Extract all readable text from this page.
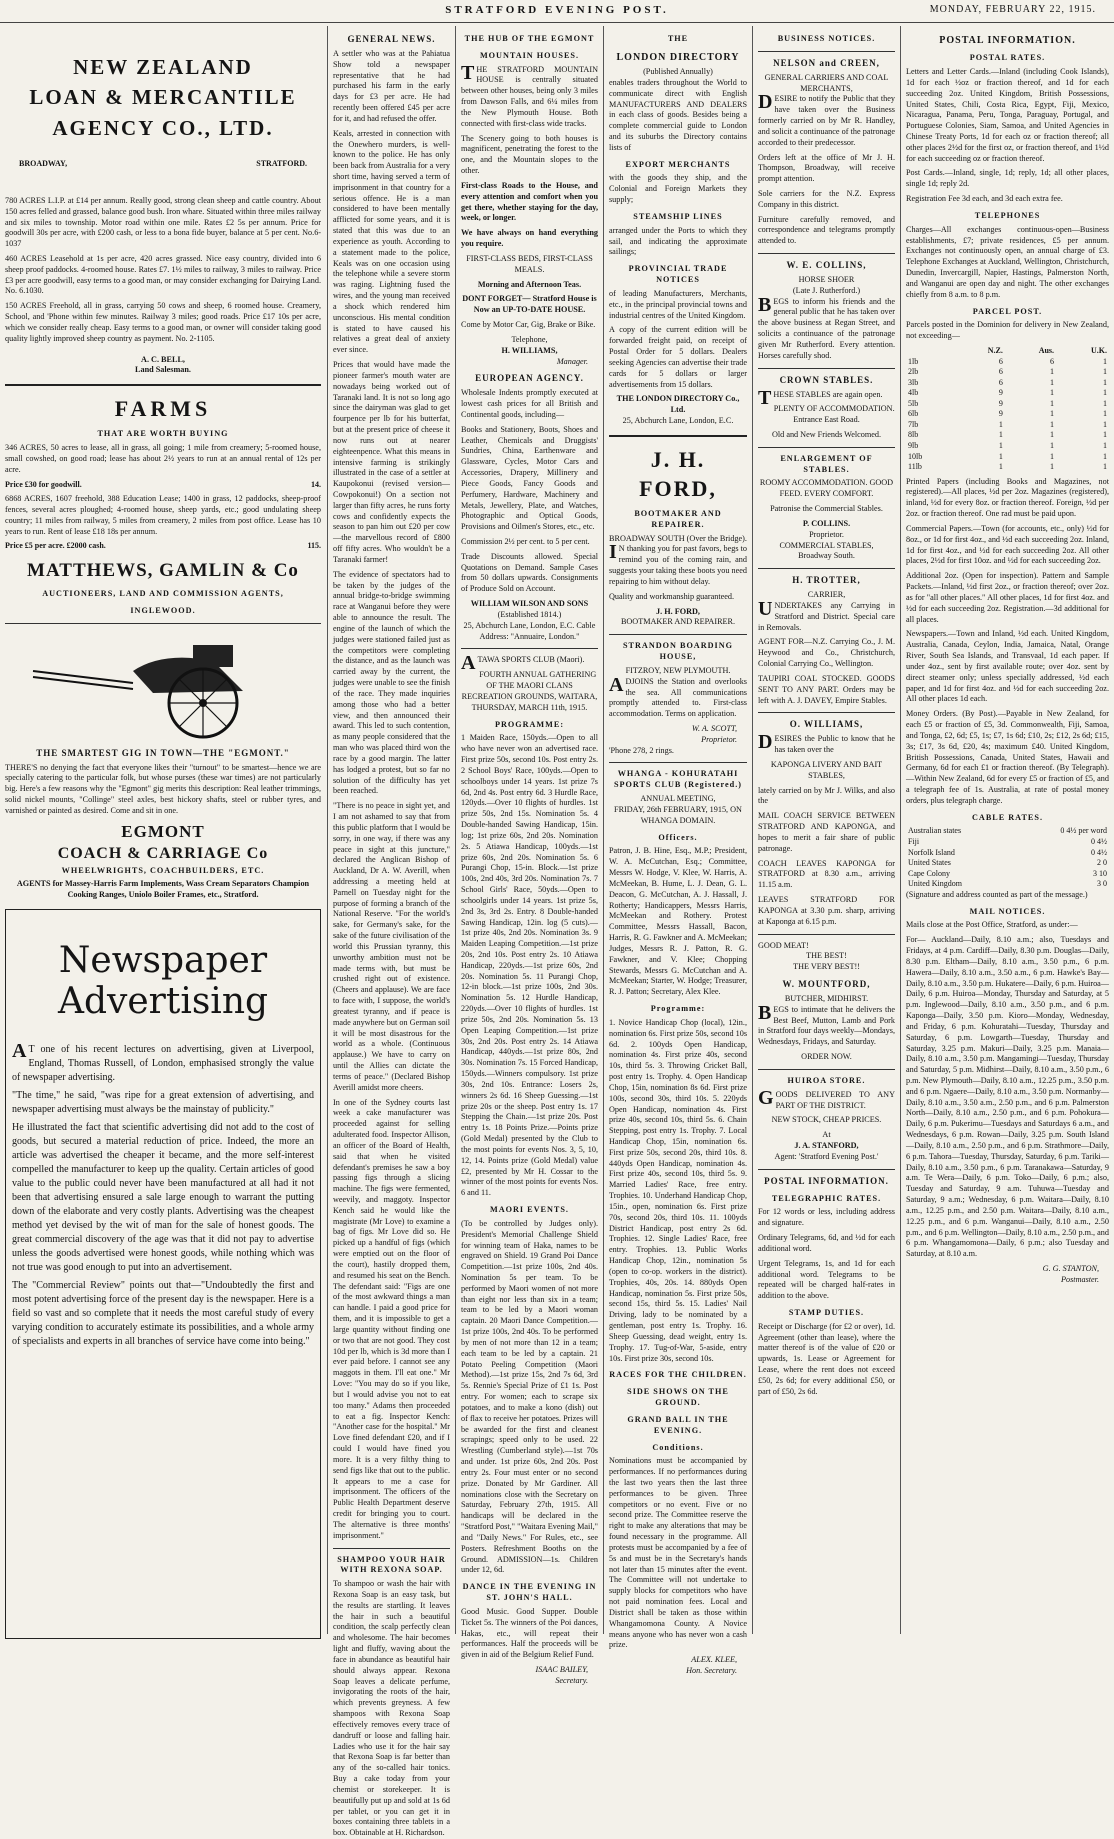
STRATFORD EVENING POST.	MONDAY, FEBRUARY 22, 1915.
NEW ZEALAND
LOAN & MERCANTILE
AGENCY CO., LTD.
BROADWAY,	STRATFORD.

780 ACRES L.I.P. at £14 per annum. Really good, strong clean sheep and cattle country. About 150 acres felled and grassed, balance good bush. Iron whare. Situated within three miles railway and six miles to township. Motor road within one mile. Rates £2 5s per annum. Price for goodwill 30s per acre, with £200 cash, or less to a bona fide buyer, balance at 5 per cent. No.6-1037

460 ACRES Leasehold at 1s per acre, 420 acres grassed. Nice easy country, divided into 6 sheep proof paddocks. 4-roomed house. Rates £7. 1½ miles to railway, 3 miles to railway. Price £3 per acre goodwill, easy terms to a good man, or may consider exchanging for Dairying Land. No. 6.1030.

150 ACRES Freehold, all in grass, carrying 50 cows and sheep, 6 roomed house. Creamery, School, and 'Phone within few minutes. Railway 3 miles; good roads. Price £17 10s per acre, which we consider really cheap. Easy terms to a good man, or owner will consider taking good quality lightly improved sheep country as payment. No. 2-1105.

A. C. BELL,
Land Salesman.
FARMS
THAT ARE WORTH BUYING

346 ACRES, 50 acres to lease, all in grass, all going; 1 mile from creamery; 5-roomed house, small cowshed, on good road; lease has about 2½ years to run at an annual rental of 12s per acre.

Price £30 for goodwill.	14.

6868 ACRES, 1607 freehold, 388 Education Lease; 1400 in grass, 12 paddocks, sheep-proof fences, several acres ploughed; 4-roomed house, sheep yards, etc.; good undulating sheep country; 11 miles from railway, 5 miles from creamery, 2 miles from post office. Lease has 10 years to run. Rent of lease £18 18s per annum.

Price £5 per acre. £2000 cash.	115.
MATTHEWS, GAMLIN & Co
AUCTIONEERS, LAND AND COMMISSION AGENTS,
INGLEWOOD.
THE SMARTEST GIG IN TOWN—THE "EGMONT."

THERE'S no denying the fact that everyone likes their "turnout" to be smartest—hence we are specially catering to the particular folk, but whose purses (these war times) are not particularly big. Here's a few reasons why the "Egmont" gig merits this description: Real leather trimmings, solid nickel mounts, "Collinge" steel axles, best hickory shafts, steel or rubber tyres, and varnished or painted as desired. Come and sit in one.

EGMONT
COACH & CARRIAGE Co
WHEELWRIGHTS, COACHBUILDERS, ETC.

AGENTS for Massey-Harris Farm Implements, Wass Cream Separators Champion Cooking Ranges, Uniolo Boiler Frames, etc., Stratford.

Newspaper
Advertising

AT one of his recent lectures on advertising, given at Liverpool, England, Thomas Russell, of London, emphasised strongly the value of newspaper advertising.

"The time," he said, "was ripe for a great extension of advertising, and newspaper advertising must always be the mainstay of publicity."

He illustrated the fact that scientific advertising did not add to the cost of goods, but secured a material reduction of price. Indeed, the more an article was advertised the cheaper it became, and the more self-interest compelled the manufacturer to keep up the quality. Certain articles of good value to the public could never have been manufactured at all had it not been that advertising ensured a sale large enough to warrant the putting down of the elaborate and very costly plants. Advertising was the cheapest method yet devised by the wit of man for the sale of honest goods. The great commercial discovery of the age was that it did not pay to advertise unless the goods advertised were honest goods, while nothing which was not true was good enough to put into an advertisement.

The "Commercial Review" points out that—"Undoubtedly the first and most potent advertising force of the present day is the newspaper. Here is a field so vast and so complete that it needs the most careful study of every varying condition to accurately estimate its possibilities, and a whole army of specialists and experts in all branches of service have come into being."

GENERAL NEWS.

A settler who was at the Pahiatua Show told a newspaper representative that he had purchased his farm in the early days for £3 per acre. He had recently been offered £45 per acre for it, and had refused the offer.

Keals, arrested in connection with the Onewhero murders, is well-known to the police. He has only been back from Australia for a very short time, having served a term of imprisonment in that country for a serious offence. He is a man considered to have been mentally afflicted for some years, and it is stated that this was due to an experience as youth. According to a statement made to the police, Keals was on one occasion using the telephone while a severe storm was raging. Lightning fused the wires, and the young man received a shock which rendered him unconscious. His mental condition is stated to have caused his relatives a great deal of anxiety ever since.

Prices that would have made the pioneer farmer's mouth water are nowadays being worked out of Taranaki land. It is not so long ago since the dairyman was glad to get fourpence per lb for his butterfat, but at the present price of cheese it now runs out at nearer eighteenpence. What this means in intensive farming is strikingly illustrated in the case of a settler at Kaupokonui (revised version—Cowpokonui!) On a section not larger than fifty acres, he runs forty cows and confidently expects the season to pan him out £20 per cow—the marvellous record of £800 off fifty acres. Who wouldn't be a Taranaki farmer!

The evidence of spectators had to be taken by the judges of the annual bridge-to-bridge swimming race at Wanganui before they were able to announce the result. The engine of the launch of which the judges were stationed failed just as the competitors were completing the distance, and as the launch was carried away by the current, the judges were unable to see the finish of the race. They made inquiries among those who had a better view, and then announced their award. This led to such contention, as many people considered that the man who was placed third won the race by a good margin. The latter has lodged a protest, but so far no solution of the difficulty has yet been reached.

"There is no peace in sight yet, and I am not ashamed to say that from this public platform that I would be sorry, in one way, if there was any peace in sight at this juncture," declared the Anglican Bishop of Auckland, Dr A. W. Averill, when addressing a meeting held at Parnell on Tuesday night for the purpose of forming a branch of the National Reserve. "For the world's sake, for Germany's sake, for the sake of the future civilisation of the world this Prussian tyranny, this unworthy ambition must not be made terms with, but must be crushed right out of existence. (Cheers and applause). We are face to face with, I suppose, the world's greatest tyranny, and if peace is made anywhere but on German soil it will be most disastrous for the world as a whole. (Continuous applause.) We have to carry on until the Allies can dictate the terms of peace." (Declared Bishop Averill amidst more cheers.

In one of the Sydney courts last week a cake manufacturer was proceeded against for selling adulterated food. Inspector Allison, an officer of the Board of Health, said that when he visited defendant's premises he saw a boy passing figs through a slicing machine. The figs were fermented, weevily, and maggoty. Inspector Kench said he would like the magistrate (Mr Love) to examine a bag of figs. Mr Love did so. He picked up a handful of figs (which were emptied out on the floor of the court), hastily dropped them, and resumed his seat on the Bench. The defendant said: "Figs are one of the most awkward things a man can handle. I paid a good price for them, and it is impossible to get a large quantity without finding one or two that are not good. They cost 10d per lb, which is 3d more than I ever paid before. I cannot see any maggots in them. I'll eat one." Mr Love: "You may do so if you like, but I would advise you not to eat too many." Adams then proceeded to eat a fig. Inspector Kench: "Another case for the hospital." Mr Love fined defendant £20, and if I could I would have fined you more. It is a very filthy thing to send figs like that out to the public. It appears to me a case for imprisonment. The officers of the Public Health Department deserve credit for bringing you to court. The alternative is three months' imprisonment."

SHAMPOO YOUR HAIR WITH REXONA SOAP.

To shampoo or wash the hair with Rexona Soap is an easy task, but the results are startling. It leaves the hair in such a beautiful condition, the scalp perfectly clean and wholesome. The hair becomes light and fluffy, waving about the face in abundance as beautiful hair should always appear. Rexona Soap leaves a delicate perfume, invigorating the roots of the hair, which prevents greyness. A few shampoos with Rexona Soap effectively removes every trace of dandruff or loose and falling hair. Ladies who use it for the hair say that Rexona Soap is far better than any of the so-called hair tonics. Buy a cake today from your chemist or storekeeper. It is beautifully put up and sold at 1s 6d per tablet, or you can get it in boxes containing three tablets in a box. Obtainable at H. Richardson.

THE HUB OF THE EGMONT
MOUNTAIN HOUSES.

THE STRATFORD MOUNTAIN HOUSE is centrally situated between other houses, being only 3 miles from Dawson Falls, and 6¼ miles from the New Plymouth House. Both connected with first-class wide tracks.

The Scenery going to both houses is magnificent, penetrating the forest to the one, and the Mountain slopes to the other.

First-class Roads to the House, and every attention and comfort when you get there, whether staying for the day, week, or longer.

We have always on hand everything you require.

FIRST-CLASS BEDS, FIRST-CLASS MEALS.

Morning and Afternoon Teas.

DONT FORGET— Stratford House is Now an UP-TO-DATE HOUSE.

Come by Motor Car, Gig, Brake or Bike.

Telephone,
H. WILLIAMS,
Manager.
EUROPEAN AGENCY.

Wholesale Indents promptly executed at lowest cash prices for all British and Continental goods, including—

Books and Stationery, Boots, Shoes and Leather, Chemicals and Druggists' Sundries, China, Earthenware and Glassware, Cycles, Motor Cars and Accessories, Drapery, Millinery and Piece Goods, Fancy Goods and Perfumery, Hardware, Machinery and Metals, Jewellery, Plate, and Watches, Photographic and Optical Goods, Provisions and Oilmen's Stores, etc., etc.

Commission 2½ per cent. to 5 per cent.

Trade Discounts allowed. Special Quotations on Demand. Sample Cases from 50 dollars upwards. Consignments of Produce Sold on Account.

WILLIAM WILSON AND SONS
(Established 1814.)

25, Abchurch Lane, London, E.C. Cable Address: "Annuaire, London."

ATAWA SPORTS CLUB (Maori).

FOURTH ANNUAL GATHERING OF THE MAORI CLANS RECREATION GROUNDS, WAITARA, THURSDAY, MARCH 11th, 1915.

PROGRAMME:

1 Maiden Race, 150yds.—Open to all who have never won an advertised race. First prize 50s, second 10s. Post entry 2s. 2 School Boys' Race, 100yds.—Open to schoolboys under 14 years. 1st prize 7s 6d, 2nd 4s. Post entry 6d. 3 Hurdle Race, 120yds.—Over 10 flights of hurdles. 1st prize 50s, 2nd 15s. Nomination 5s. 4 Double-handed Sawing Handicap, 15in. log; 1st prize 60s, 2nd 20s. Nomination 2s. 5 Atiawa Handicap, 100yds.—1st prize 60s, 2nd 20s. Nomination 5s. 6 Purangi Chop, 15-in. Block.—1st prize 100s, 2nd 40s, 3rd 20s. Nomination 7s. 7 School Girls' Race, 50yds.—Open to schoolgirls under 14 years. 1st prize 5s, 2nd 3s, 3rd 2s. Entry. 8 Double-handed Sawing Handicap, 12in. log (5 cuts).—1st prize 40s, 2nd 20s. Nomination 3s. 9 Maiden Leaping Competition.—1st prize 20s, 2nd 10s. Post entry 2s. 10 Atiawa Handicap, 220yds.—1st prize 60s, 2nd 20s. Nomination 5s. 11 Purangi Chop, 12-in block.—1st prize 100s, 2nd 30s. Nomination 5s. 12 Hurdle Handicap, 220yds.—Over 10 flights of hurdles. 1st prize 50s, 2nd 20s. Nomination 5s. 13 Open Leaping Competition.—1st prize 30s, 2nd 20s. Post entry 2s. 14 Atiawa Handicap, 440yds.—1st prize 80s, 2nd 30s. Nomination 7s. 15 Forced Handicap, 150yds.—Winners compulsory. 1st prize 30s, 2nd 10s. Entrance: Losers 2s, winners 2s 6d. 16 Sheep Guessing.—1st prize 20s or the sheep. Post entry 1s. 17 Stepping the Chain.—1st prize 20s. Post entry 1s. 18 Points Prize.—Points prize (Gold Medal) presented by the Club to the most points for events Nos. 3, 5, 10, 12, 14. Points prize (Gold Medal) value £2, presented by Mr H. Cossar to the winner of the most points for events Nos. 6 and 11.

MAORI EVENTS.

(To be controlled by Judges only). President's Memorial Challenge Shield for winning team of Haka, names to be engraved on Shield. 19 Grand Poi Dance Competition.—1st prize 100s, 2nd 40s. Nomination 5s per team. To be performed by Maori women of not more than eight nor less than six in a team; team to be led by a Maori woman captain. 20 Maori Dance Competition.—1st prize 100s, 2nd 40s. To be performed by men of not more than 12 in a team; each team to be led by a captain. 21 Potato Peeling Competition (Maori Method).—1st prize 15s, 2nd 7s 6d, 3rd 5s. Rennie's Special Prize of £1 1s. Post entry. For women; each to scrape six potatoes, and to make a kono (dish) out of flax to receive her potatoes. Prizes will be awarded for the first and cleanest scrapings; speed only to be used. 22 Wrestling (Cumberland style).—1st 70s and under. 1st prize 60s, 2nd 20s. Post entry 2s. Four must enter or no second prize. Donated by Mr Gardiner. All nominations close with the Secretary on Saturday, February 27th, 1915. All handicaps will be declared in the "Stratford Post," "Waitara Evening Mail," and "Daily News." For Rules, etc., see Posters. Refreshment Booths on the Ground. ADMISSION—1s. Children under 12, 6d.

DANCE IN THE EVENING IN ST. JOHN'S HALL.

Good Music. Good Supper. Double Ticket 5s. The winners of the Poi dances, Hakas, etc., will repeat their performances. Half the proceeds will be given in aid of the Belgium Relief Fund.

ISAAC BAILEY,
Secretary.
THE
LONDON DIRECTORY
(Published Annually)

enables traders throughout the World to communicate direct with English MANUFACTURERS AND DEALERS in each class of goods. Besides being a complete commercial guide to London and its suburbs the Directory contains lists of

EXPORT MERCHANTS

with the goods they ship, and the Colonial and Foreign Markets they supply;

STEAMSHIP LINES

arranged under the Ports to which they sail, and indicating the approximate sailings;

PROVINCIAL TRADE NOTICES

of leading Manufacturers, Merchants, etc., in the principal provincial towns and industrial centres of the United Kingdom.

A copy of the current edition will be forwarded freight paid, on receipt of Postal Order for 5 dollars. Dealers seeking Agencies can advertise their trade cards for 5 dollars or larger advertisements from 15 dollars.

THE LONDON DIRECTORY Co., Ltd.
25, Abchurch Lane, London, E.C.
J. H. FORD,
BOOTMAKER AND REPAIRER.
BROADWAY SOUTH (Over the Bridge).

IN thanking you for past favors, begs to remind you of the coming rain, and suggests your taking these boots you need repairing to him without delay.

Quality and workmanship guaranteed.

J. H. FORD,
BOOTMAKER AND REPAIRER.
STRANDON BOARDING HOUSE,
FITZROY, NEW PLYMOUTH.

ADJOINS the Station and overlooks the sea. All communications promptly attended to. First-class accommodation. Terms on application.

W. A. SCOTT,
Proprietor.
'Phone 278, 2 rings.
WHANGA - KOHURATAHI SPORTS CLUB (Registered.)
ANNUAL MEETING,
FRIDAY, 26th FEBRUARY, 1915, ON WHANGA DOMAIN.
Officers.

Patron, J. B. Hine, Esq., M.P.; President, W. A. McCutchan, Esq.; Committee, Messrs W. Hodge, V. Klee, W. Harris, A. McMeekan, B. Hume, L. J. Dean, G. L. Deacon, G. McCutchan, A. J. Hassall, J. Rotherty; Handicappers, Messrs Harris, McMeekan and Rothery. Protest Committee, Messrs Hassall, Bacon, Harris, R. G. Fawkner and A. McMeekan; Judges, Messrs R. J. Patton, R. G. Fawkner, and V. Klee; Chopping Stewards, Messrs G. McCutchan and A. McMeekan; Starter, W. Hodge; Treasurer, R. J. Patton; Secretary, Alex Klee.

Programme:

1. Novice Handicap Chop (local), 12in., nomination 6s. First prize 50s, second 10s 6d. 2. 100yds Open Handicap, nomination 4s. First prize 40s, second 10s, third 5s. 3. Throwing Cricket Ball, post entry 1s. Trophy. 4. Open Handicap Chop, 15in, nomination 8s 6d. First prize 100s, second 30s, third 10s. 5. 220yds Open Handicap, nomination 4s. First prize 40s, second 10s, third 5s. 6. Chain Stepping, post entry 1s. Trophy. 7. Local Handicap Chop, 15in, nomination 6s. First prize 50s, second 20s, third 10s. 8. 440yds Open Handicap, nomination 4s. First prize 40s, second 10s, third 5s. 9. Married Ladies' Race, free entry. Trophies. 10. Underhand Handicap Chop, 15in., open, nomination 6s. First prize 70s, second 20s, third 10s. 11. 100yds District Handicap, post entry 2s 6d. Trophies. 12. Single Ladies' Race, free entry. Trophies. 13. Public Works Handicap Chop, 12in., nomination 5s (open to co-op. workers in the district). Trophies, 40s, 20s. 14. 880yds Open Handicap, nomination 5s. First prize 50s, second 15s, third 5s. 15. Ladies' Nail Driving, lady to be nominated by a gentleman, post entry 1s. Trophy. 16. Sheep Guessing, dead weight, entry 1s. Trophy. 17. Tug-of-War, 5-aside, entry 10s. First prize 30s, second 10s.

RACES FOR THE CHILDREN.
SIDE SHOWS ON THE GROUND.
GRAND BALL IN THE EVENING.
Conditions.

Nominations must be accompanied by performances. If no performances during the last two years then the last three performances to be given. Three competitors or no event. Five or no second prize. The Committee reserve the right to make any alterations that may be found necessary in the programme. All protests must be accompanied by a fee of 5s and must be in the Secretary's hands not later than 15 minutes after the event. The Committee will not undertake to supply blocks for competitors who have not paid nomination fees. Local and District shall be taken as those within Whangamomona County. A Novice means anyone who has never won a cash prize.

ALEX. KLEE,
Hon. Secretary.
BUSINESS NOTICES.
NELSON and CREEN,
GENERAL CARRIERS AND COAL MERCHANTS,

DESIRE to notify the Public that they have taken over the Business formerly carried on by Mr R. Handley, and solicit a continuance of the patronage accorded to their predecessor.

Orders left at the office of Mr J. H. Thompson, Broadway, will receive prompt attention.

Sole carriers for the N.Z. Express Company in this district.

Furniture carefully removed, and correspondence and telegrams promptly attended to.

W. E. COLLINS,
HORSE SHOER
(Late J. Rutherford.)

BEGS to inform his friends and the general public that he has taken over the above business at Regan Street, and solicits a continuance of the patronage given Mr Rutherford. Every attention. Horses carefully shod.

CROWN STABLES.

THESE STABLES are again open.

PLENTY OF ACCOMMODATION. Entrance East Road.

Old and New Friends Welcomed.

ENLARGEMENT OF STABLES.

ROOMY ACCOMMODATION. GOOD FEED. EVERY COMFORT.

Patronise the Commercial Stables.

P. COLLINS.
Proprietor.
COMMERCIAL STABLES,
Broadway South.
H. TROTTER,
CARRIER,

UNDERTAKES any Carrying in Stratford and District. Special care in Removals.

AGENT FOR—N.Z. Carrying Co., J. M. Heywood and Co., Christchurch, Colonial Carrying Co., Wellington.

TAUPIRI COAL STOCKED. GOODS SENT TO ANY PART. Orders may be left with A. J. DAVEY, Empire Stables.

O. WILLIAMS,

DESIRES the Public to know that he has taken over the

KAPONGA LIVERY AND BAIT STABLES,

lately carried on by Mr J. Wilks, and also the

MAIL COACH SERVICE BETWEEN STRATFORD AND KAPONGA, and hopes to merit a fair share of public patronage.

COACH LEAVES KAPONGA for STRATFORD at 8.30 a.m., arriving 11.15 a.m.

LEAVES STRATFORD FOR KAPONGA at 3.30 p.m. sharp, arriving at Kaponga at 6.15 p.m.

GOOD MEAT!
THE BEST!
THE VERY BEST!!
W. MOUNTFORD,
BUTCHER, MIDHIRST.

BEGS to intimate that he delivers the Best Beef, Mutton, Lamb and Pork in Stratford four days weekly—Mondays, Wednesdays, Fridays, and Saturday.

ORDER NOW.
HUIROA STORE.

GOODS DELIVERED TO ANY PART OF THE DISTRICT.

NEW STOCK, CHEAP PRICES.

At
J. A. STANFORD,
Agent: 'Stratford Evening Post.'
POSTAL INFORMATION.
TELEGRAPHIC RATES.

For 12 words or less, including address and signature.

Ordinary Telegrams, 6d, and ½d for each additional word.

Urgent Telegrams, 1s, and 1d for each additional word. Telegrams to be repeated will be charged half-rates in addition to the above.

STAMP DUTIES.

Receipt or Discharge (for £2 or over), 1d. Agreement (other than lease), where the matter thereof is of the value of £20 or upwards, 1s. Lease or Agreement for Lease, where the rent does not exceed £50, 2s 6d; for every additional £50, or part of £50, 2s 6d.

POSTAL INFORMATION.
POSTAL RATES.

Letters and Letter Cards.—Inland (including Cook Islands), 1d for each ½oz or fraction thereof, and 1d for each succeeding 2oz. United Kingdom, British Possessions, United States, Chili, Costa Rica, Egypt, Fiji, Mexico, Nicaragua, Panama, Peru, Tonga, Paraguay, Portugal, and Portuguese Colonies, Siam, Samoa, and United Agencies in Chinese Treaty Ports, 1d for each oz or fraction thereof; all other places 2½d for the first oz, or fraction thereof, and 1½d for each succeeding oz or fraction thereof.

Post Cards.—Inland, single, 1d; reply, 1d; all other places, single 1d; reply 2d.

Registration Fee 3d each, and 3d each extra fee.

TELEPHONES

Charges—All exchanges continuous-open—Business establishments, £7; private residences, £5 per annum. Exchanges not continuously open, an annual charge of £3. Telephone Exchanges at Auckland, Wellington, Christchurch, Dunedin, Invercargill, Napier, Hastings, Palmerston North, and Wanganui are open day and night. The other exchanges chiefly from 8 a.m. to 8 p.m.

PARCEL POST.

Parcels posted in the Dominion for delivery in New Zealand, not exceeding—

	N.Z.	Aus.	U.K.
1lb	6	6	1
2lb	6	1	1
3lb	6	1	1
4lb	9	1	1
5lb	9	1	1
6lb	9	1	1
7lb	1	1	1
8lb	1	1	1
9lb	1	1	1
10lb	1	1	1
11lb	1	1	1

Printed Papers (including Books and Magazines, not registered).—All places, ½d per 2oz. Magazines (registered), inland, ½d for every 8oz. or fraction thereof. Foreign, ½d per 2oz. or fraction thereof. One rad must be paid upon.

Commercial Papers.—Town (for accounts, etc., only) ½d for 8oz., or 1d for first 4oz., and ½d each succeeding 2oz. Inland, 1d for first 4oz., and ½d for each succeeding 2oz. All other places, 2½d for first 10oz. and ½d for each succeeding 2oz.

Additional 2oz. (Open for inspection). Pattern and Sample Packets.—Inland, ½d first 2oz., or fraction thereof; over 2oz. as for "all other places." All other places, 1d for first 4oz. and ½d for each succeeding 2oz. Registration.—3d additional for all places.

Newspapers.—Town and Inland, ½d each. United Kingdom, Australia, Canada, Ceylon, India, Jamaica, Natal, Orange River, South Sea Islands, and Transvaal, 1d each paper. If under 4oz., sent by first available route; over 4oz. sent by direct steamer only; unless specially addressed, ½d each paper, and 1d for first 4oz. and ½d for each succeeding 2oz. All other places 1d each.

Money Orders. (By Post).—Payable in New Zealand, for each £5 or fraction of £5, 3d. Commonwealth, Fiji, Samoa, and Tonga, £2, 6d; £5, 1s; £7, 1s 6d; £10, 2s; £12, 2s 6d; £15, 3s; £17, 3s 6d, £20, 4s; maximum £40. United Kingdom, British Possessions, Canada, United States, Hawaii and Germany, 6d for each £1 or fraction thereof. (By Telegraph).—Within New Zealand, 6d for every £5 or fraction of £5, and a telegraph fee of 1s. Australia, at rate of postal money orders, plus telegraph charge.

CABLE RATES.
Australian states	0 4½ per word
Fiji	0 4½
Norfolk Island	0 4½
United States	2 0
Cape Colony	3 10
United Kingdom	3 0

(Signature and address counted as part of the message.)

MAIL NOTICES.

Mails close at the Post Office, Stratford, as under:—

For— Auckland—Daily, 8.10 a.m.; also, Tuesdays and Fridays, at 4 p.m. Cardiff—Daily, 8.30 p.m. Douglas—Daily, 8.30 p.m. Eltham—Daily, 8.10 a.m., 3.50 p.m., 6 p.m. Hawera—Daily, 8.10 a.m., 3.50 a.m., 6 p.m. Hawke's Bay—Daily, 8.10 a.m., 3.50 p.m. Hukatere—Daily, 6 p.m. Huiroa—Daily, 6 p.m. Huiroa—Monday, Thursday and Saturday, at 5 p.m. Inglewood—Daily, 8.10 a.m., 3.50 p.m., and 6 p.m. Kaponga—Daily, 3.50 p.m. Kioro—Monday, Wednesday, and Friday, 6 p.m. Kohuratahi—Tuesday, Thursday and Saturday, 6 p.m. Lowgarth—Tuesday, Thursday and Saturday, 3.25 p.m. Makuri—Daily, 3.25 p.m. Manaia—Daily, 8.10 a.m., 3.50 p.m. Mangamingi—Tuesday, Thursday and Saturday, 5 p.m. Midhirst—Daily, 8.10 a.m., 3.50 p.m., 6 p.m. New Plymouth—Daily, 8.10 a.m., 12.25 p.m., 3.50 p.m. and 6 p.m. Ngaere—Daily, 8.10 a.m., 3.50 p.m. Normanby—Daily, 8.10 a.m., 3.50 a.m., 2.50 p.m., and 6 p.m. Palmerston North—Daily, 8.10 a.m., 2.50 p.m., and 6 p.m. Pohokura—Daily, 6 p.m. Pukerimu—Tuesdays and Saturdays 6 a.m., and Wednesdays, 6 p.m. Rowan—Daily, 3.25 p.m. South Island—Daily, 8.10 a.m., 2.50 p.m., and 6 p.m. Strathmore—Daily, 6 p.m. Tahora—Tuesday, Thursday, Saturday, 6 p.m. Tariki—Daily, 8.10 a.m., 3.50 p.m., 6 p.m. Taranakawa—Saturday, 9 a.m. Te Wera—Daily, 6 p.m. Toko—Daily, 6 p.m.; also, Tuesday and Saturday, 9 a.m. Tuhuwa—Tuesday and Saturday, 9 a.m.; Wednesday, 6 p.m. Waitara—Daily, 8.10 a.m., 12.25 p.m., and 2.50 p.m. Waitara—Daily, 8.10 a.m., 12.25 p.m., and 6 p.m. Wanganui—Daily, 8.10 a.m., 2.50 p.m., and 6 p.m. Wellington—Daily, 8.10 a.m., 2.50 p.m., and 6 p.m. Whangamomona—Daily, 6 p.m.; also Tuesday and Saturday, at 8.10 a.m.

G. G. STANTON,
Postmaster.
